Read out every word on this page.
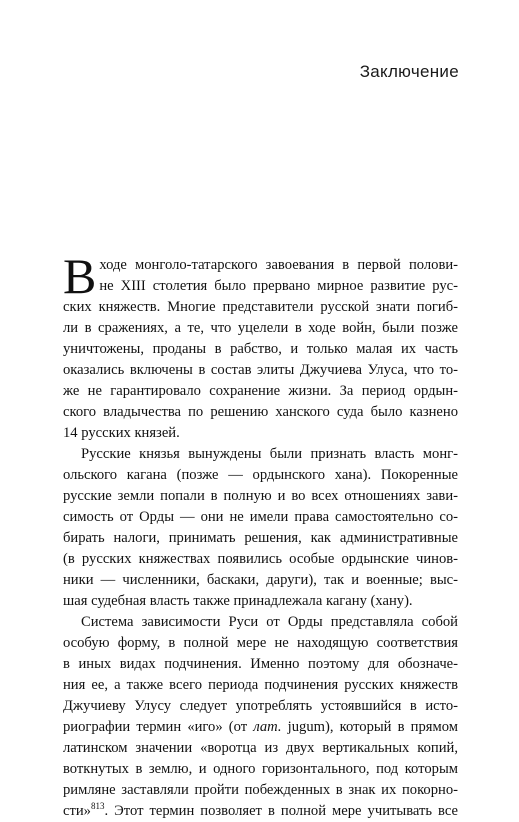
Заключение
В ходе монголо-татарского завоевания в первой полови-
не XIII столетия было прервано мирное развитие рус-
ских княжеств. Многие представители русской знати погиб-
ли в сражениях, а те, что уцелели в ходе войн, были позже
уничтожены, проданы в рабство, и только малая их часть
оказались включены в состав элиты Джучиева Улуса, что то-
же не гарантировало сохранение жизни. За период ордын-
ского владычества по решению ханского суда было казнено
14 русских князей.
Русские князья вынуждены были признать власть монг-
ольского кагана (позже — ордынского хана). Покоренные
русские земли попали в полную и во всех отношениях зави-
симость от Орды — они не имели права самостоятельно со-
бирать налоги, принимать решения, как административные
(в русских княжествах появились особые ордынские чинов-
ники — численники, баскаки, даруги), так и военные; выс-
шая судебная власть также принадлежала кагану (хану).
Система зависимости Руси от Орды представляла собой
особую форму, в полной мере не находящую соответствия
в иных видах подчинения. Именно поэтому для обозначе-
ния ее, а также всего периода подчинения русских княжеств
Джучиеву Улусу следует употреблять устоявшийся в исто-
риографии термин «иго» (от лат. jugum), который в прямом
латинском значении «воротца из двух вертикальных копий,
воткнутых в землю, и одного горизонтального, под которым
римляне заставляли пройти побежденных в знак их покорно-
сти»$^{813}$. Этот термин позволяет в полной мере учитывать все
